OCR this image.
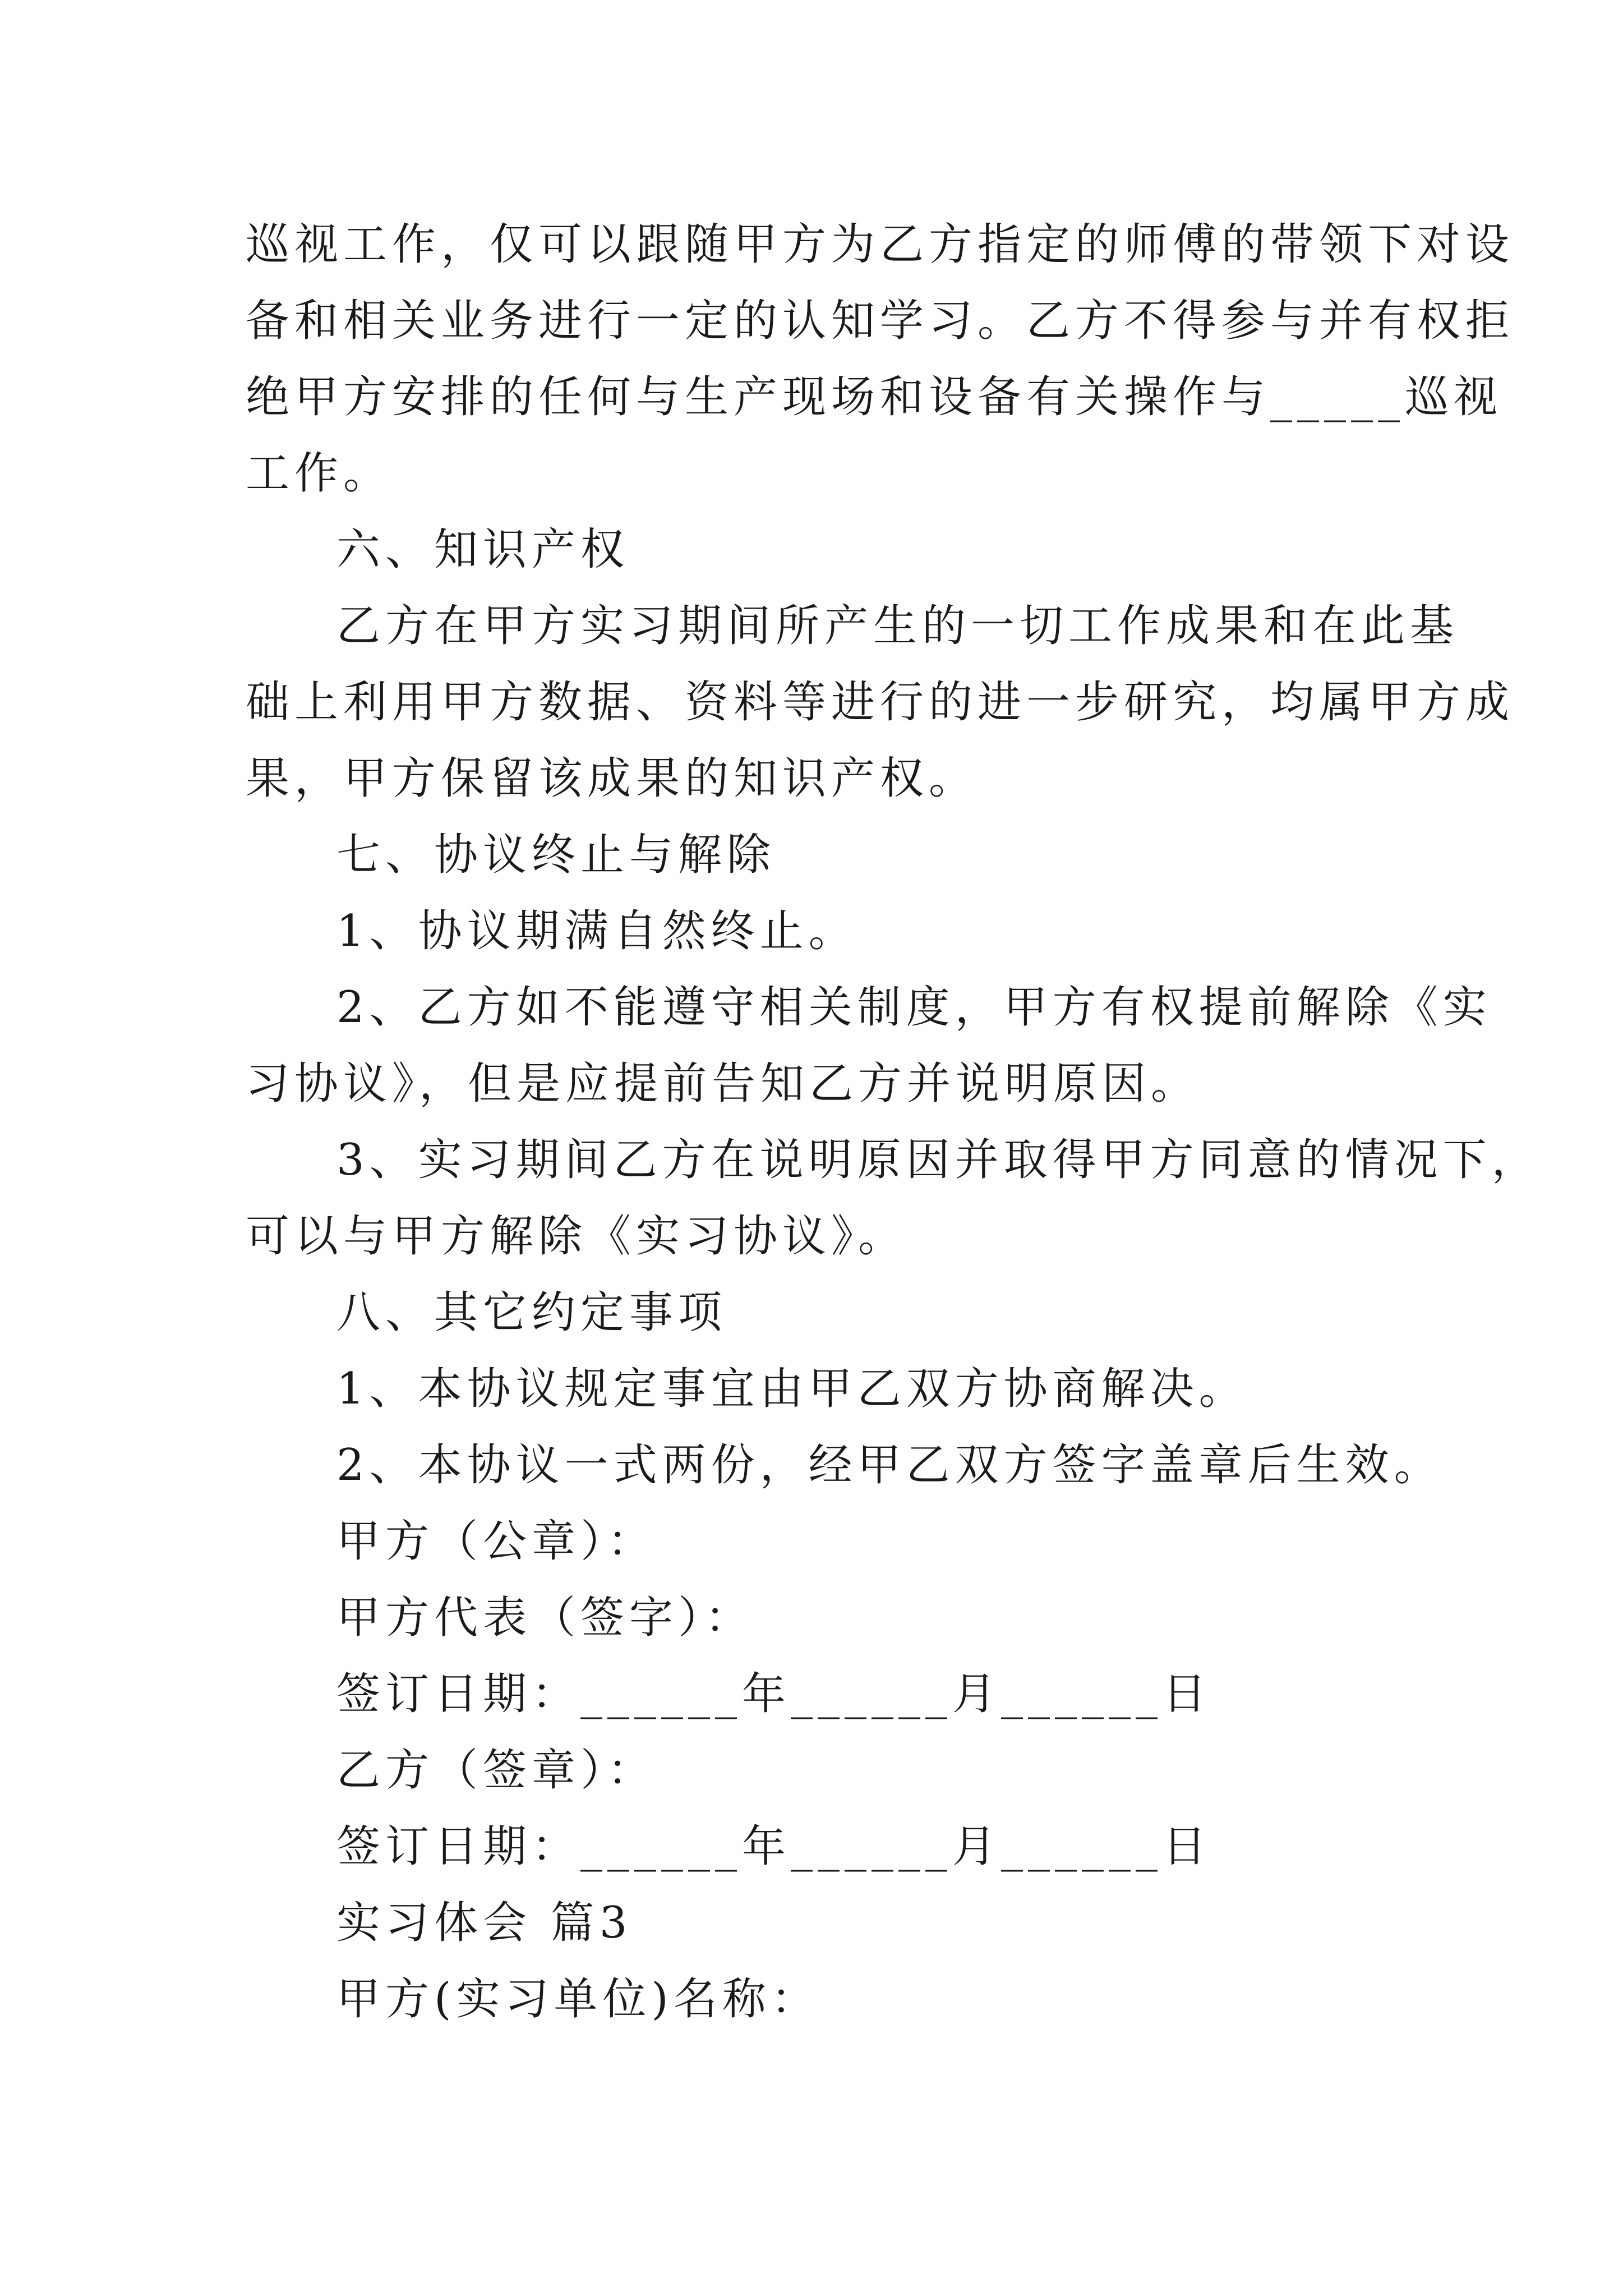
巡视工作，仅可以跟随甲方为乙方指定的师傅的带领下对设
备和相关业务进行一定的认知学习。乙方不得参与并有权拒
绝甲方安排的任何与生产现场和设备有关操作与_____巡视
工作。
六、知识产权
乙方在甲方实习期间所产生的一切工作成果和在此基
础上利用甲方数据、资料等进行的进一步研究，均属甲方成
果，甲方保留该成果的知识产权。
七、协议终止与解除
1、协议期满自然终止。
2、乙方如不能遵守相关制度，甲方有权提前解除《实
习协议》，但是应提前告知乙方并说明原因。
3、实习期间乙方在说明原因并取得甲方同意的情况下，
可以与甲方解除《实习协议》。
八、其它约定事项
1、本协议规定事宜由甲乙双方协商解决。
2、本协议一式两份，经甲乙双方签字盖章后生效。
甲方（公章）：
甲方代表（签字）：
签订日期：______年______月______日
乙方（签章）：
签订日期：______年______月______日
实习体会 篇3
甲方(实习单位)名称：
